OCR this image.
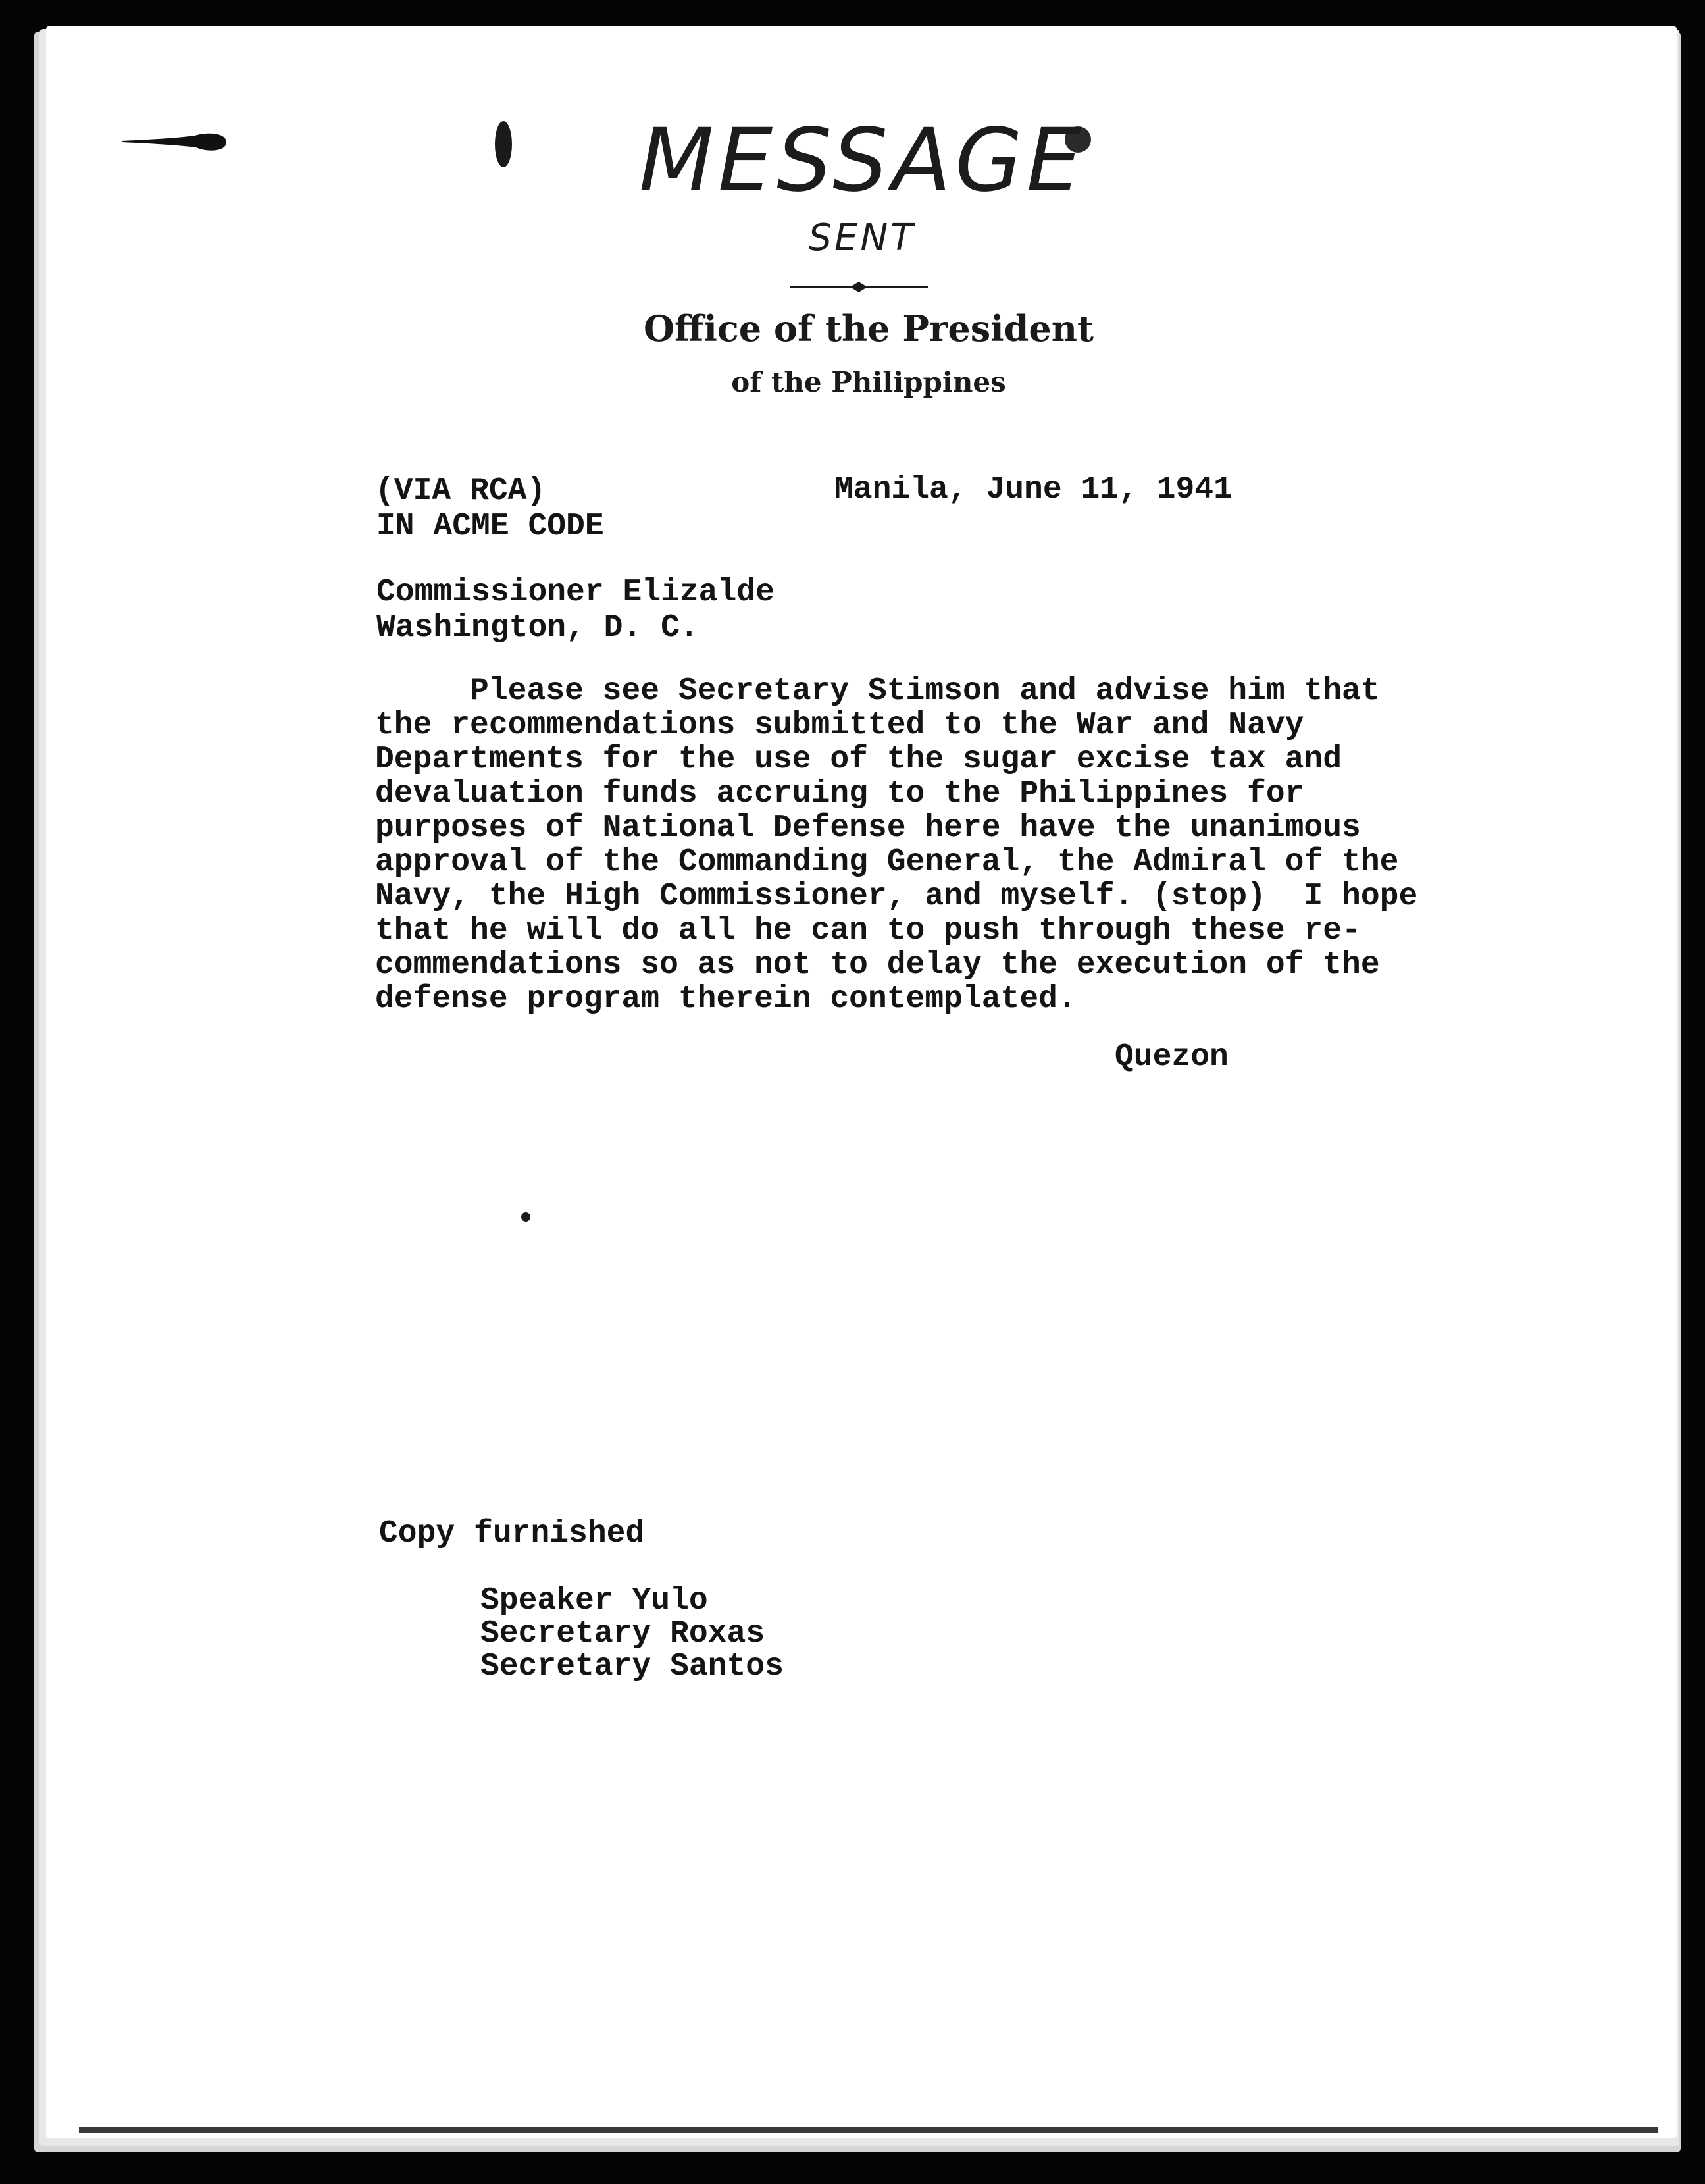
MESSAGE
SENT
Office of the President
of the Philippines
(VIA RCA)
IN ACME CODE
Manila, June 11, 1941
Commissioner Elizalde
Washington, D. C.
Please see Secretary Stimson and advise him that
the recommendations submitted to the War and Navy
Departments for the use of the sugar excise tax and
devaluation funds accruing to the Philippines for
purposes of National Defense here have the unanimous
approval of the Commanding General, the Admiral of the
Navy, the High Commissioner, and myself. (stop)  I hope
that he will do all he can to push through these re-
commendations so as not to delay the execution of the
defense program therein contemplated.
Quezon
Copy furnished
Speaker Yulo
Secretary Roxas
Secretary Santos
